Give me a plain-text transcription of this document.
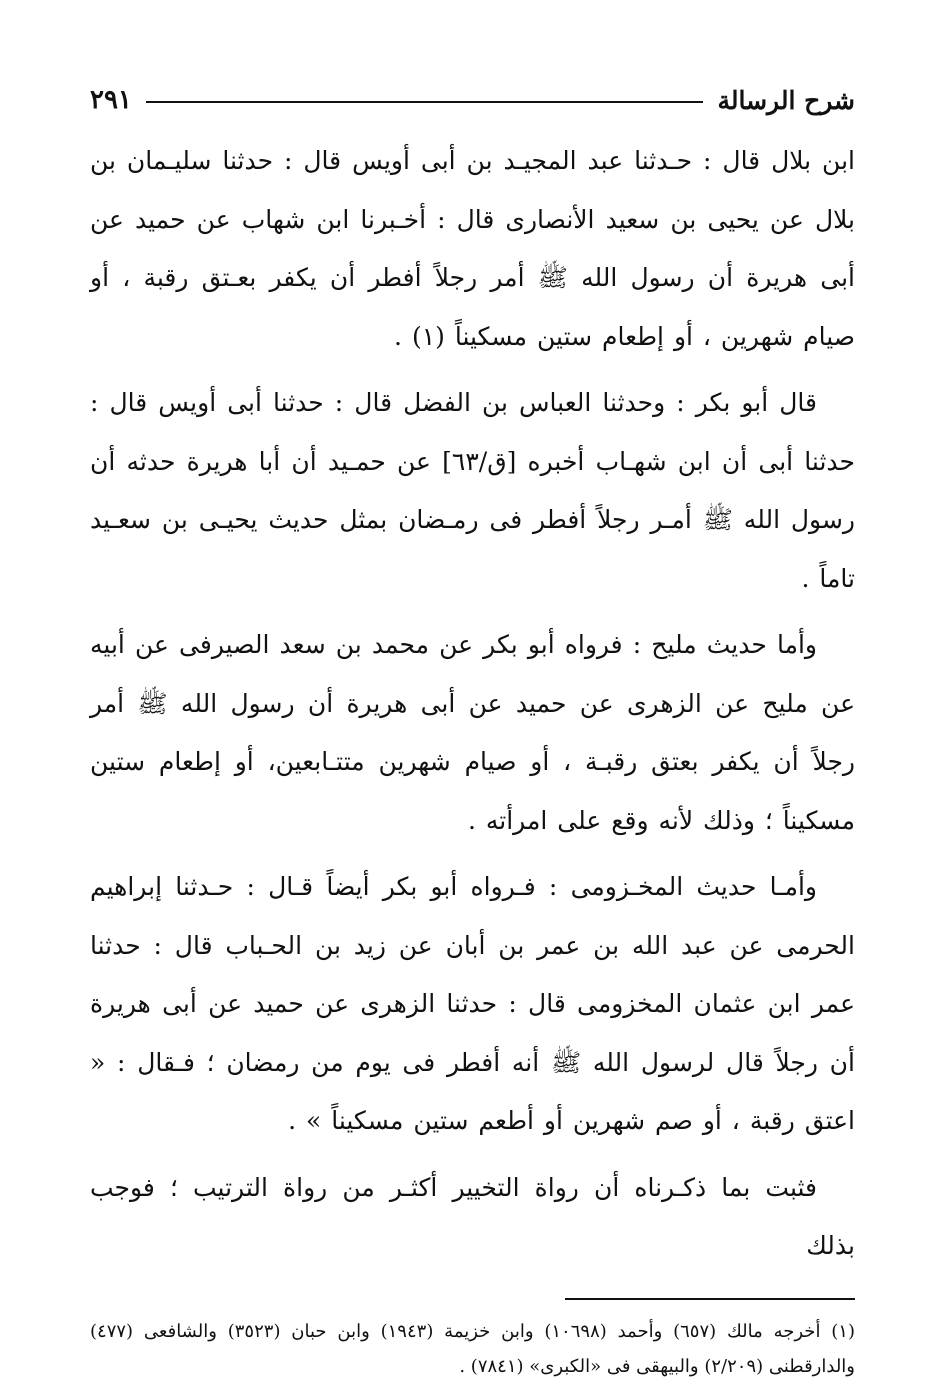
شرح الرسالة
٢٩١

ابن بلال قال : حـدثنا عبد المجيـد بن أبى أويس قال : حدثنا سليـمان بن بلال عن يحيى بن سعيد الأنصارى قال : أخـبرنا ابن شهاب عن حميد عن أبى هريرة أن رسول الله ﷺ أمر رجلاً أفطر أن يكفر بعـتق رقبة ، أو صيام شهرين ، أو إطعام ستين مسكيناً (١) .

قال أبو بكر : وحدثنا العباس بن الفضل قال : حدثنا أبى أويس قال : حدثنا أبى أن ابن شهـاب أخبره [ق/٦٣] عن حمـيد أن أبا هريرة حدثه أن رسول الله ﷺ أمـر رجلاً أفطر فى رمـضان بمثل حديث يحيـى بن سعـيد تاماً .

وأما حديث مليح : فرواه أبو بكر عن محمد بن سعد الصيرفى عن أبيه عن مليح عن الزهرى عن حميد عن أبى هريرة أن رسول الله ﷺ أمر رجلاً أن يكفر بعتق رقبـة ، أو صيام شهرين متتـابعين، أو إطعام ستين مسكيناً ؛ وذلك لأنه وقع على امرأته .

وأمـا حديث المخـزومى : فـرواه أبو بكر أيضاً قـال : حـدثنا إبراهيم الحرمى عن عبد الله بن عمر بن أبان عن زيد بن الحـباب قال : حدثنا عمر ابن عثمان المخزومى قال : حدثنا الزهرى عن حميد عن أبى هريرة أن رجلاً قال لرسول الله ﷺ أنه أفطر فى يوم من رمضان ؛ فـقال : « اعتق رقبة ، أو صم شهرين أو أطعم ستين مسكيناً » .

فثبت بما ذكـرناه أن رواة التخيير أكثـر من رواة الترتيب ؛ فوجب بذلك

(١) أخرجه مالك (٦٥٧) وأحمد (١٠٦٩٨) وابن خزيمة (١٩٤٣) وابن حبان (٣٥٢٣) والشافعى (٤٧٧) والدارقطنى (٢/٢٠٩) والبيهقى فى «الكبرى» (٧٨٤١) .
